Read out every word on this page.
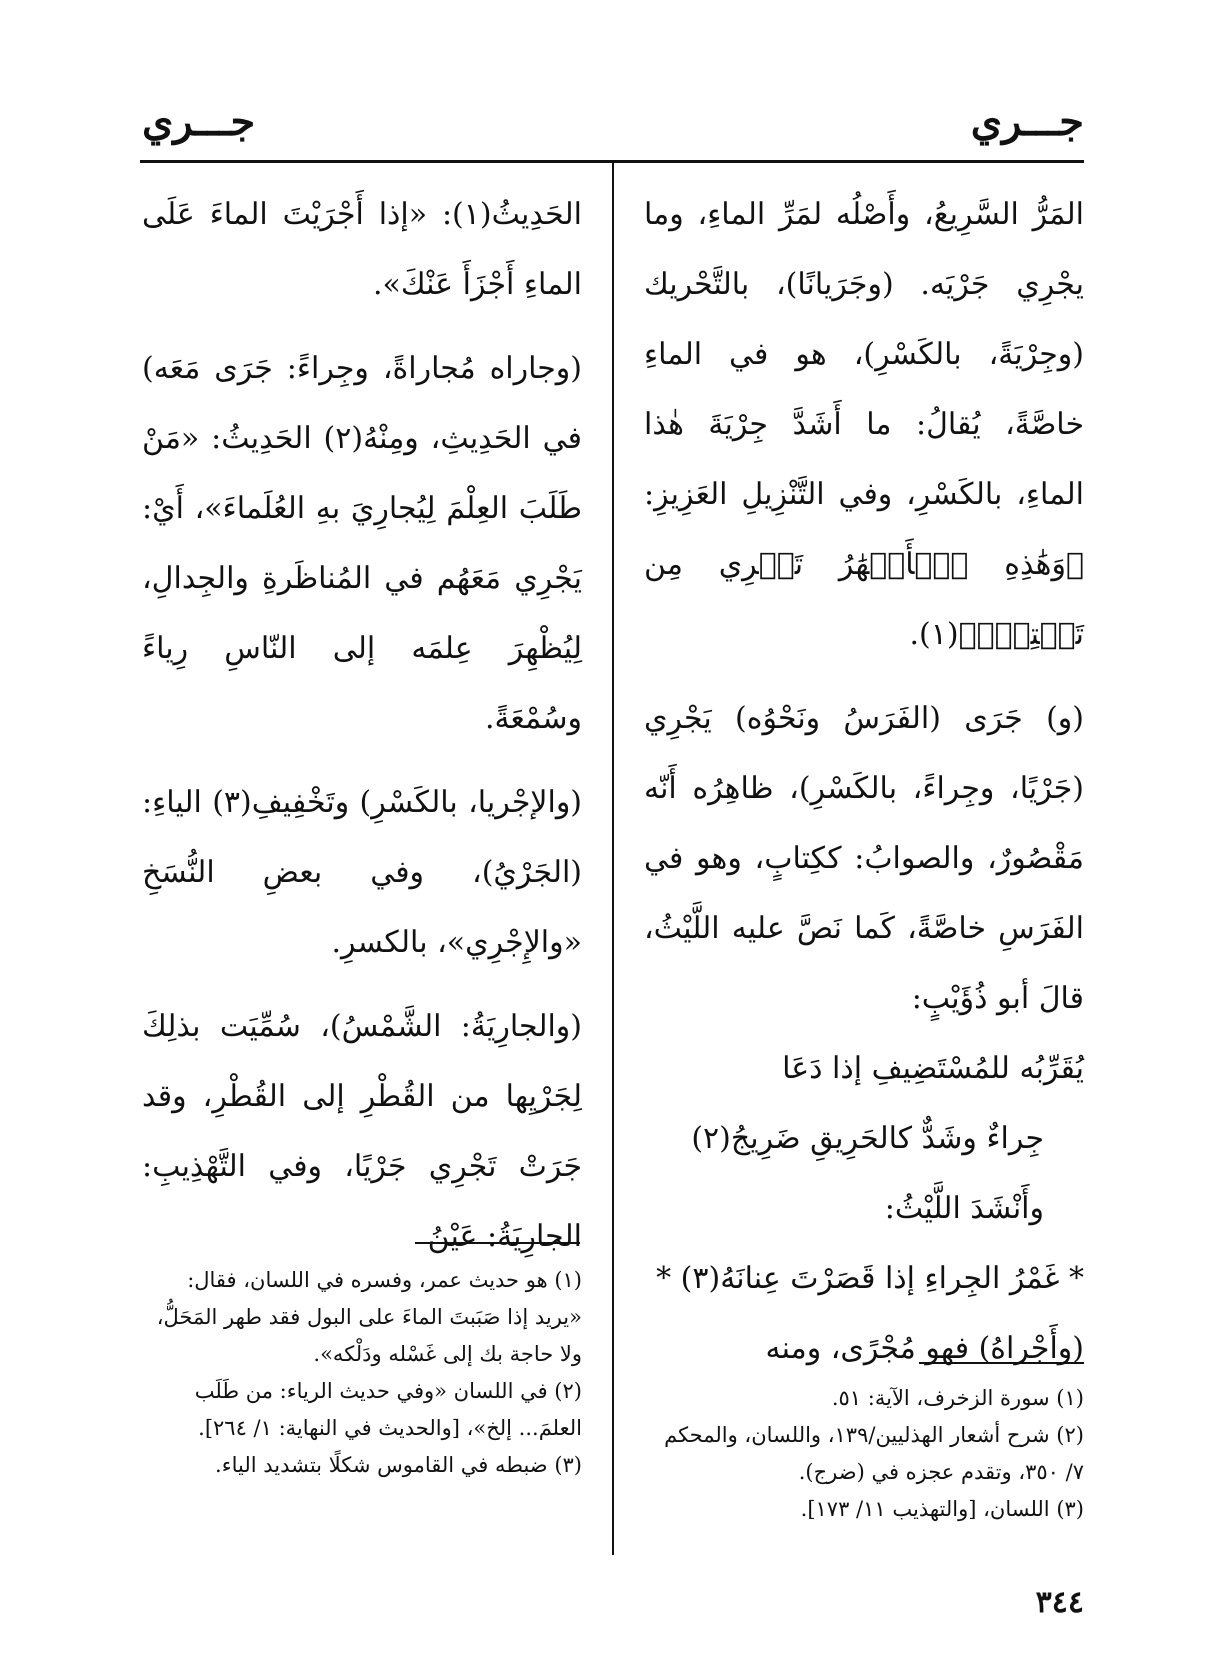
جـــري
جـــري

المَرُّ السَّرِيعُ، وأَصْلُه لمَرِّ الماءِ، وما يجْرِي جَرْيَه. (وجَرَيانًا)، بالتَّحْريك (وجِرْيَةً، بالكَسْرِ)، هو في الماءِ خاصَّةً، يُقالُ: ما أَشَدَّ جِرْيَةَ هٰذا الماءِ، بالكَسْرِ، وفي التَّنْزِيلِ العَزِيزِ: ﴿وَهَٰذِهِ ٱلۡأَنۡهَٰرُ تَجۡرِي مِن تَحۡتِيٓۚ﴾(١).

(و) جَرَى (الفَرَسُ ونَحْوُه) يَجْرِي (جَرْيًا، وجِراءً، بالكَسْرِ)، ظاهِرُه أَنّه مَقْصُورٌ، والصوابُ: ككِتابٍ، وهو في الفَرَسِ خاصَّةً، كَما نَصَّ عليه اللَّيْثُ، قالَ أبو ذُؤَيْبٍ:

يُقَرِّبُه للمُسْتَضِيفِ إذا دَعَا
جِراءٌ وشَدٌّ كالحَرِيقِ ضَرِيجُ(٢)
وأَنْشَدَ اللَّيْثُ:
* غَمْرُ الجِراءِ إذا قَصَرْتَ عِنانَهُ(٣) *
(وأَجْراهُ) فهو مُجْرًى، ومنه

الحَدِيثُ(١): «إذا أَجْرَيْتَ الماءَ عَلَى الماءِ أَجْزَأَ عَنْكَ».

(وجاراه مُجاراةً، وجِراءً: جَرَى مَعَه) في الحَدِيثِ، ومِنْهُ(٢) الحَدِيثُ: «مَنْ طَلَبَ العِلْمَ لِيُجارِيَ بهِ العُلَماءَ»، أَيْ: يَجْرِي مَعَهُم في المُناظَرةِ والجِدالِ، لِيُظْهِرَ عِلمَه إلى النّاسِ رِياءً وسُمْعَةً.

(والإجْريا، بالكَسْرِ) وتَخْفِيفِ(٣) الياءِ: (الجَرْيُ)، وفي بعضِ النُّسَخِ «والإِجْرِي»، بالكسرِ.

(والجارِيَةُ: الشَّمْسُ)، سُمِّيَت بذلِكَ لِجَرْيِها من القُطْرِ إلى القُطْرِ، وقد جَرَتْ تَجْرِي جَرْيًا، وفي التَّهْذِيبِ: الجارِيَةُ: عَيْنُ

(١) سورة الزخرف، الآية: ٥١.
(٢) شرح أشعار الهذليين/١٣٩، واللسان، والمحكم ٧/ ٣٥٠، وتقدم عجزه في (ضرج).
(٣) اللسان، [والتهذيب ١١/ ١٧٣].
(١) هو حديث عمر، وفسره في اللسان، فقال: «يريد إذا صَبَبتَ الماءَ على البول فقد طهر المَحَلُّ، ولا حاجة بك إلى غَسْله ودَلْكه».
(٢) في اللسان «وفي حديث الرياء: من طَلَب العلمَ... إلخ»، [والحديث في النهاية: ١/ ٢٦٤].
(٣) ضبطه في القاموس شكلًا بتشديد الياء.
٣٤٤
